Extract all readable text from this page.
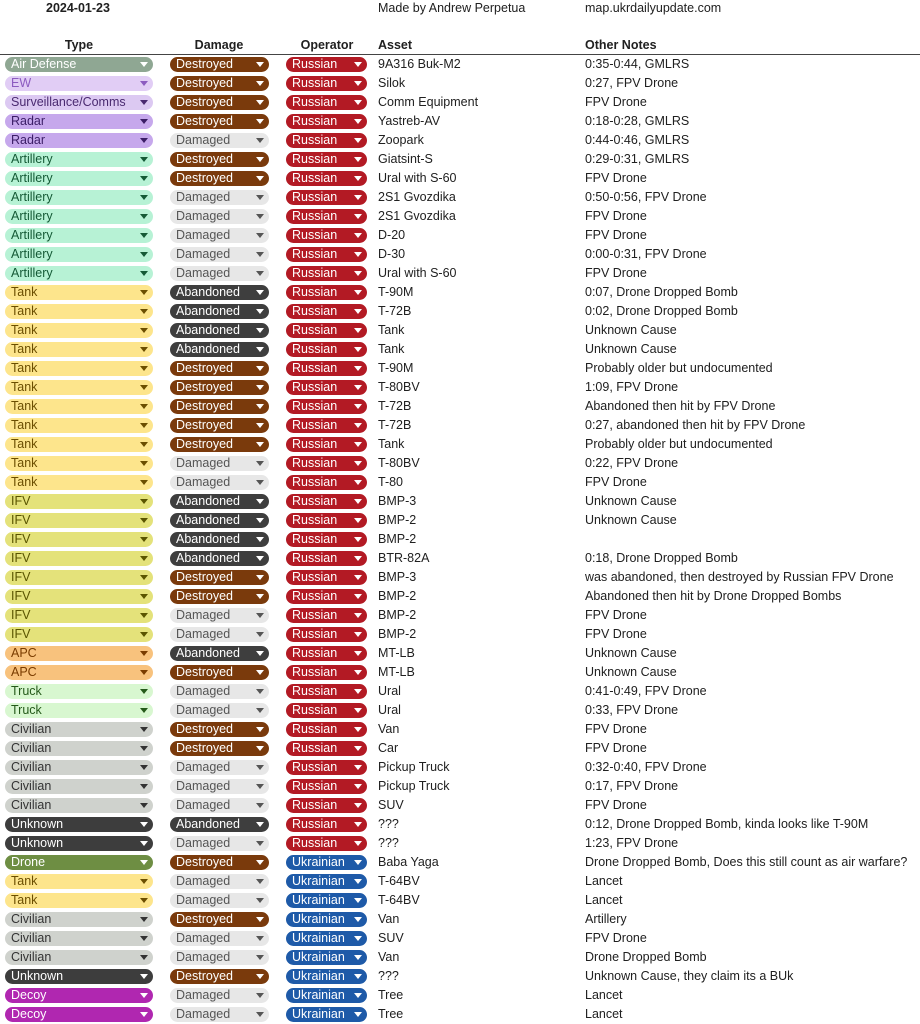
2024-01-23	Made by Andrew Perpetua	map.ukrdailyupdate.com
Type	Damage	Operator	Asset	Other Notes
Air Defense	Destroyed	Russian	9A316 Buk-M2	0:35-0:44, GMLRS
EW	Destroyed	Russian	Silok	0:27, FPV Drone
Surveillance/Comms	Destroyed	Russian	Comm Equipment	FPV Drone
Radar	Destroyed	Russian	Yastreb-AV	0:18-0:28, GMLRS
Radar	Damaged	Russian	Zoopark	0:44-0:46, GMLRS
Artillery	Destroyed	Russian	Giatsint-S	0:29-0:31, GMLRS
Artillery	Destroyed	Russian	Ural with S-60	FPV Drone
Artillery	Damaged	Russian	2S1 Gvozdika	0:50-0:56, FPV Drone
Artillery	Damaged	Russian	2S1 Gvozdika	FPV Drone
Artillery	Damaged	Russian	D-20	FPV Drone
Artillery	Damaged	Russian	D-30	0:00-0:31, FPV Drone
Artillery	Damaged	Russian	Ural with S-60	FPV Drone
Tank	Abandoned	Russian	T-90M	0:07, Drone Dropped Bomb
Tank	Abandoned	Russian	T-72B	0:02, Drone Dropped Bomb
Tank	Abandoned	Russian	Tank	Unknown Cause
Tank	Abandoned	Russian	Tank	Unknown Cause
Tank	Destroyed	Russian	T-90M	Probably older but undocumented
Tank	Destroyed	Russian	T-80BV	1:09, FPV Drone
Tank	Destroyed	Russian	T-72B	Abandoned then hit by FPV Drone
Tank	Destroyed	Russian	T-72B	0:27, abandoned then hit by FPV Drone
Tank	Destroyed	Russian	Tank	Probably older but undocumented
Tank	Damaged	Russian	T-80BV	0:22, FPV Drone
Tank	Damaged	Russian	T-80	FPV Drone
IFV	Abandoned	Russian	BMP-3	Unknown Cause
IFV	Abandoned	Russian	BMP-2	Unknown Cause
IFV	Abandoned	Russian	BMP-2
IFV	Abandoned	Russian	BTR-82A	0:18, Drone Dropped Bomb
IFV	Destroyed	Russian	BMP-3	was abandoned, then destroyed by Russian FPV Drone
IFV	Destroyed	Russian	BMP-2	Abandoned then hit by Drone Dropped Bombs
IFV	Damaged	Russian	BMP-2	FPV Drone
IFV	Damaged	Russian	BMP-2	FPV Drone
APC	Abandoned	Russian	MT-LB	Unknown Cause
APC	Destroyed	Russian	MT-LB	Unknown Cause
Truck	Damaged	Russian	Ural	0:41-0:49, FPV Drone
Truck	Damaged	Russian	Ural	0:33, FPV Drone
Civilian	Destroyed	Russian	Van	FPV Drone
Civilian	Destroyed	Russian	Car	FPV Drone
Civilian	Damaged	Russian	Pickup Truck	0:32-0:40, FPV Drone
Civilian	Damaged	Russian	Pickup Truck	0:17, FPV Drone
Civilian	Damaged	Russian	SUV	FPV Drone
Unknown	Abandoned	Russian	???	0:12, Drone Dropped Bomb, kinda looks like T-90M
Unknown	Damaged	Russian	???	1:23, FPV Drone
Drone	Destroyed	Ukrainian	Baba Yaga	Drone Dropped Bomb, Does this still count as air warfare?
Tank	Damaged	Ukrainian	T-64BV	Lancet
Tank	Damaged	Ukrainian	T-64BV	Lancet
Civilian	Destroyed	Ukrainian	Van	Artillery
Civilian	Damaged	Ukrainian	SUV	FPV Drone
Civilian	Damaged	Ukrainian	Van	Drone Dropped Bomb
Unknown	Destroyed	Ukrainian	???	Unknown Cause, they claim its a BUk
Decoy	Damaged	Ukrainian	Tree	Lancet
Decoy	Damaged	Ukrainian	Tree	Lancet
